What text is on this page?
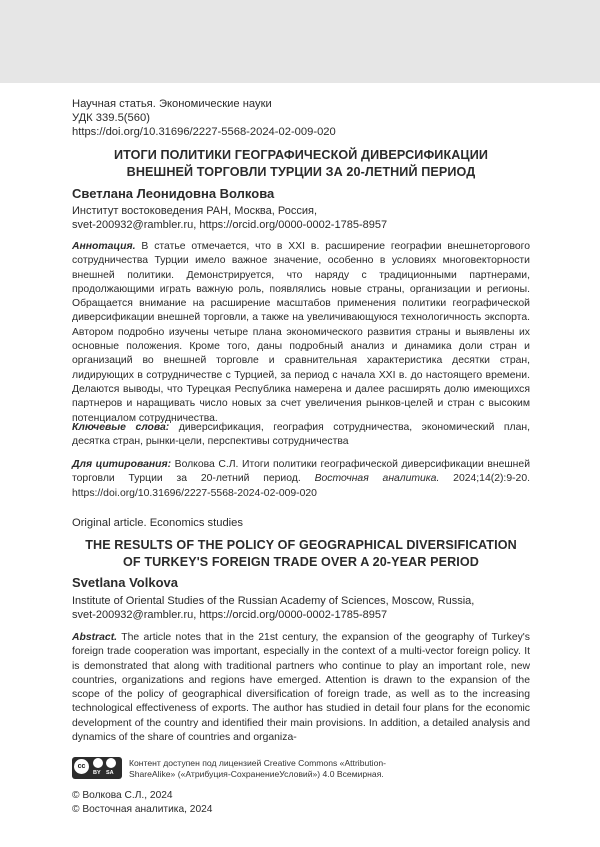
Научная статья. Экономические науки
УДК 339.5(560)
https://doi.org/10.31696/2227-5568-2024-02-009-020
ИТОГИ ПОЛИТИКИ ГЕОГРАФИЧЕСКОЙ ДИВЕРСИФИКАЦИИ
ВНЕШНЕЙ ТОРГОВЛИ ТУРЦИИ ЗА 20-ЛЕТНИЙ ПЕРИОД
Светлана Леонидовна Волкова
Институт востоковедения РАН, Москва, Россия,
svet-200932@rambler.ru, https://orcid.org/0000-0002-1785-8957
Аннотация. В статье отмечается, что в XXI в. расширение географии внешнеторгового сотрудничества Турции имело важное значение, особенно в условиях многовекторности внешней политики. Демонстрируется, что наряду с традиционными партнерами, продолжающими играть важную роль, появлялись новые страны, организации и регионы. Обращается внимание на расширение масштабов применения политики географической диверсификации внешней торговли, а также на увеличивающуюся технологичность экспорта. Автором подробно изучены четыре плана экономического развития страны и выявлены их основные положения. Кроме того, даны подробный анализ и динамика доли стран и организаций во внешней торговле и сравнительная характеристика десятки стран, лидирующих в сотрудничестве с Турцией, за период с начала XXI в. до настоящего времени. Делаются выводы, что Турецкая Республика намерена и далее расширять долю имеющихся партнеров и наращивать число новых за счет увеличения рынков-целей и стран с высоким потенциалом сотрудничества.
Ключевые слова: диверсификация, география сотрудничества, экономический план, десятка стран, рынки-цели, перспективы сотрудничества
Для цитирования: Волкова С.Л. Итоги политики географической диверсификации внешней торговли Турции за 20-летний период. Восточная аналитика. 2024;14(2):9-20. https://doi.org/10.31696/2227-5568-2024-02-009-020
Original article. Economics studies
THE RESULTS OF THE POLICY OF GEOGRAPHICAL DIVERSIFICATION
OF TURKEY'S FOREIGN TRADE OVER A 20-YEAR PERIOD
Svetlana Volkova
Institute of Oriental Studies of the Russian Academy of Sciences, Moscow, Russia,
svet-200932@rambler.ru, https://orcid.org/0000-0002-1785-8957
Abstract. The article notes that in the 21st century, the expansion of the geography of Turkey's foreign trade cooperation was important, especially in the context of a multi-vector foreign policy. It is demonstrated that along with traditional partners who continue to play an important role, new countries, organizations and regions have emerged. Attention is drawn to the expansion of the scope of the policy of geographical diversification of foreign trade, as well as to the increasing technological effectiveness of exports. The author has studied in detail four plans for the economic development of the country and identified their main provisions. In addition, a detailed analysis and dynamics of the share of countries and organiza-
cc
BY SA
Контент доступен под лицензией Creative Commons «Attribution-
ShareAlike» («Атрибуция-СохранениеУсловий») 4.0 Всемирная.
© Волкова С.Л., 2024
© Восточная аналитика, 2024
